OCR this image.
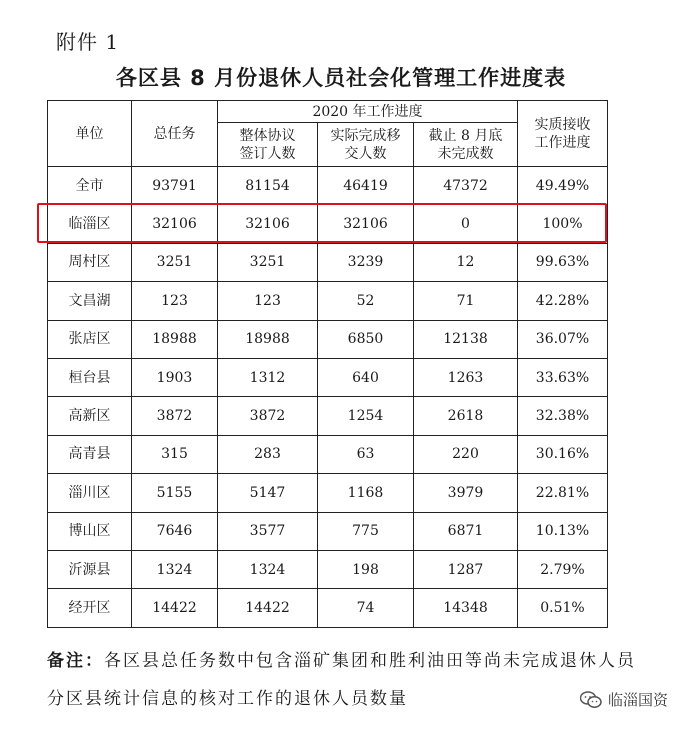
附件 1
各区县 8 月份退休人员社会化管理工作进度表
单位	总任务	2020 年工作进度			实质接收工作进度
		整体协议签订人数	实际完成移交人数	截止 8 月底未完成数	
全市	93791	81154	46419	47372	49.49%
临淄区	32106	32106	32106	0	100%
周村区	3251	3251	3239	12	99.63%
文昌湖	123	123	52	71	42.28%
张店区	18988	18988	6850	12138	36.07%
桓台县	1903	1312	640	1263	33.63%
高新区	3872	3872	1254	2618	32.38%
高青县	315	283	63	220	30.16%
淄川区	5155	5147	1168	3979	22.81%
博山区	7646	3577	775	6871	10.13%
沂源县	1324	1324	198	1287	2.79%
经开区	14422	14422	74	14348	0.51%
备注：各区县总任务数中包含淄矿集团和胜利油田等尚未完成退休人员分区县统计信息的核对工作的退休人员数量	临淄国资
